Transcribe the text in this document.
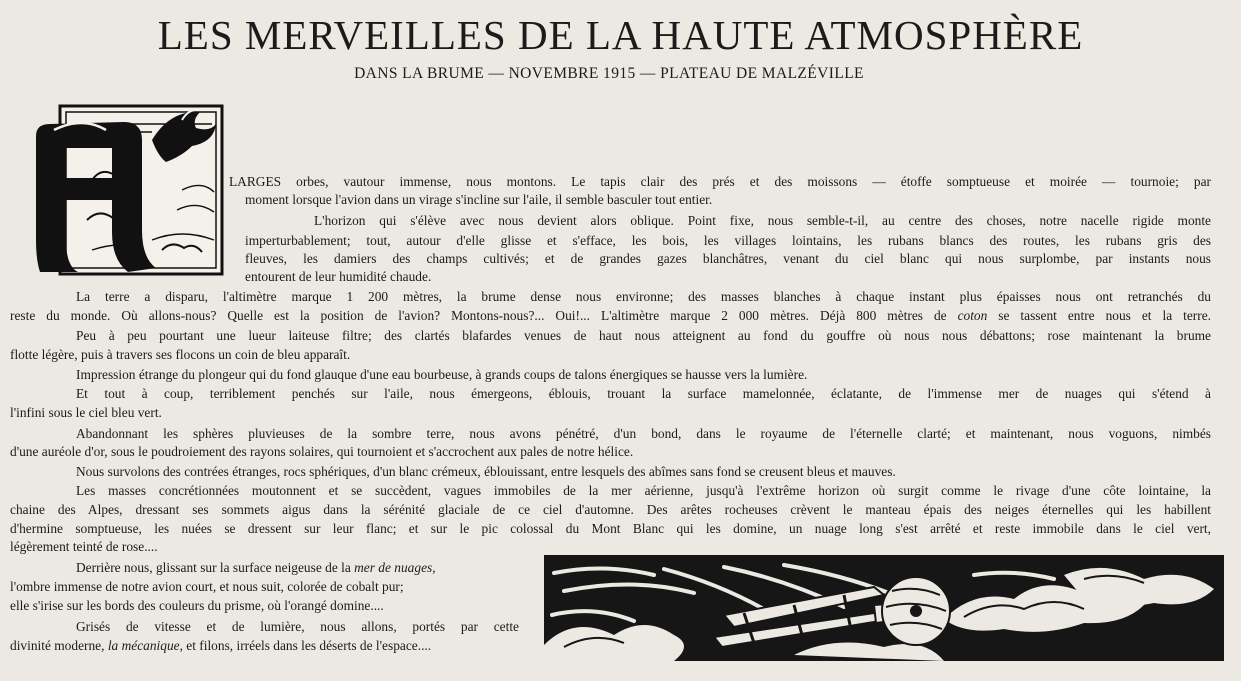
LES MERVEILLES DE LA HAUTE ATMOSPHÈRE
DANS LA BRUME — NOVEMBRE 1915 — PLATEAU DE MALZÉVILLE
LARGES orbes, vautour immense, nous montons. Le tapis clair des prés et des moissons — étoffe somptueuse et moirée — tournoie; par
moment lorsque l'avion dans un virage s'incline sur l'aile, il semble basculer tout entier.
L'horizon qui s'élève avec nous devient alors oblique. Point fixe, nous semble-t-il, au centre des choses, notre nacelle rigide monte
imperturbablement; tout, autour d'elle glisse et s'efface, les bois, les villages lointains, les rubans blancs des routes, les rubans gris des
fleuves, les damiers des champs cultivés; et de grandes gazes blanchâtres, venant du ciel blanc qui nous surplombe, par instants nous
entourent de leur humidité chaude.
La terre a disparu, l'altimètre marque 1 200 mètres, la brume dense nous environne; des masses blanches à chaque instant plus épaisses nous ont retranchés du
reste du monde. Où allons-nous? Quelle est la position de l'avion? Montons-nous?... Oui!... L'altimètre marque 2 000 mètres. Déjà 800 mètres de coton se tassent entre nous et la terre.
Peu à peu pourtant une lueur laiteuse filtre; des clartés blafardes venues de haut nous atteignent au fond du gouffre où nous nous débattons; rose maintenant la brume
flotte légère, puis à travers ses flocons un coin de bleu apparaît.
Impression étrange du plongeur qui du fond glauque d'une eau bourbeuse, à grands coups de talons énergiques se hausse vers la lumière.
Et tout à coup, terriblement penchés sur l'aile, nous émergeons, éblouis, trouant la surface mamelonnée, éclatante, de l'immense mer de nuages qui s'étend à
l'infini sous le ciel bleu vert.
Abandonnant les sphères pluvieuses de la sombre terre, nous avons pénétré, d'un bond, dans le royaume de l'éternelle clarté; et maintenant, nous voguons, nimbés
d'une auréole d'or, sous le poudroiement des rayons solaires, qui tournoient et s'accrochent aux pales de notre hélice.
Nous survolons des contrées étranges, rocs sphériques, d'un blanc crémeux, éblouissant, entre lesquels des abîmes sans fond se creusent bleus et mauves.
Les masses concrétionnées moutonnent et se succèdent, vagues immobiles de la mer aérienne, jusqu'à l'extrême horizon où surgit comme le rivage d'une côte lointaine, la
chaine des Alpes, dressant ses sommets aigus dans la sérénité glaciale de ce ciel d'automne. Des arêtes rocheuses crèvent le manteau épais des neiges éternelles qui les habillent
d'hermine somptueuse, les nuées se dressent sur leur flanc; et sur le pic colossal du Mont Blanc qui les domine, un nuage long s'est arrêté et reste immobile dans le ciel vert,
légèrement teinté de rose....
Derrière nous, glissant sur la surface neigeuse de la mer de nuages,
l'ombre immense de notre avion court, et nous suit, colorée de cobalt pur;
elle s'irise sur les bords des couleurs du prisme, où l'orangé domine....
Grisés de vitesse et de lumière, nous allons, portés par cette
divinité moderne, la mécanique, et filons, irréels dans les déserts de l'espace....
